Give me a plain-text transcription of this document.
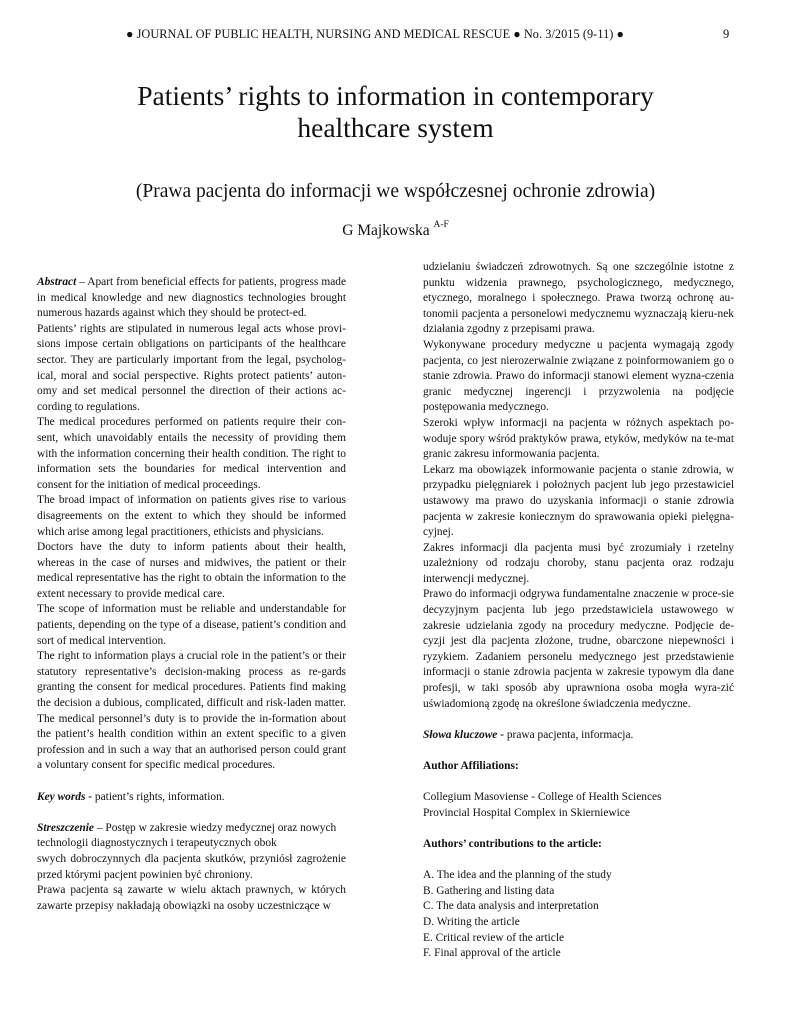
● JOURNAL OF PUBLIC HEALTH, NURSING AND MEDICAL RESCUE ● No. 3/2015 (9-11) ●	9
Patients’ rights to information in contemporary
healthcare system
(Prawa pacjenta do informacji we współczesnej ochronie zdrowia)
G Majkowska $^{A-F}$

Abstract – Apart from beneficial effects for patients, progress made in medical knowledge and new diagnostics technologies brought numerous hazards against which they should be protect-ed.

Patients’ rights are stipulated in numerous legal acts whose provi-sions impose certain obligations on participants of the healthcare sector. They are particularly important from the legal, psycholog-ical, moral and social perspective. Rights protect patients’ auton-omy and set medical personnel the direction of their actions ac-cording to regulations.

The medical procedures performed on patients require their con-sent, which unavoidably entails the necessity of providing them with the information concerning their health condition. The right to information sets the boundaries for medical intervention and consent for the initiation of medical proceedings.

The broad impact of information on patients gives rise to various disagreements on the extent to which they should be informed which arise among legal practitioners, ethicists and physicians.

Doctors have the duty to inform patients about their health, whereas in the case of nurses and midwives, the patient or their medical representative has the right to obtain the information to the extent necessary to provide medical care.

The scope of information must be reliable and understandable for patients, depending on the type of a disease, patient’s condition and sort of medical intervention.

The right to information plays a crucial role in the patient’s or their statutory representative’s decision-making process as re-gards granting the consent for medical procedures. Patients find making the decision a dubious, complicated, difficult and risk-laden matter. The medical personnel’s duty is to provide the in-formation about the patient’s health condition within an extent specific to a given profession and in such a way that an authorised person could grant a voluntary consent for specific medical procedures.

Key words - patient’s rights, information.

Streszczenie – Postęp w zakresie wiedzy medycznej oraz nowych technologii diagnostycznych i terapeutycznych obok

swych dobroczynnych dla pacjenta skutków, przyniósł zagrożenie przed którymi pacjent powinien być chroniony.

Prawa pacjenta są zawarte w wielu aktach prawnych, w których zawarte przepisy nakładają obowiązki na osoby uczestniczące w

udzielaniu świadczeń zdrowotnych. Są one szczególnie istotne z punktu widzenia prawnego, psychologicznego, medycznego, etycznego, moralnego i społecznego. Prawa tworzą ochronę au-tonomii pacjenta a personelowi medycznemu wyznaczają kieru-nek działania zgodny z przepisami prawa.

Wykonywane procedury medyczne u pacjenta wymagają zgody pacjenta, co jest nierozerwalnie związane z poinformowaniem go o stanie zdrowia. Prawo do informacji stanowi element wyzna-czenia granic medycznej ingerencji i przyzwolenia na podjęcie postępowania medycznego.

Szeroki wpływ informacji na pacjenta w różnych aspektach po-woduje spory wśród praktyków prawa, etyków, medyków na te-mat granic zakresu informowania pacjenta.

Lekarz ma obowiązek informowanie pacjenta o stanie zdrowia, w przypadku pielęgniarek i położnych pacjent lub jego przestawiciel ustawowy ma prawo do uzyskania informacji o stanie zdrowia pacjenta w zakresie koniecznym do sprawowania opieki pielęgna-cyjnej.

Zakres informacji dla pacjenta musi być zrozumiały i rzetelny uzależniony od rodzaju choroby, stanu pacjenta oraz rodzaju interwencji medycznej.

Prawo do informacji odgrywa fundamentalne znaczenie w proce-sie decyzyjnym pacjenta lub jego przedstawiciela ustawowego w zakresie udzielania zgody na procedury medyczne. Podjęcie de-cyzji jest dla pacjenta złożone, trudne, obarczone niepewności i ryzykiem. Zadaniem personelu medycznego jest przedstawienie informacji o stanie zdrowia pacjenta w zakresie typowym dla dane profesji, w taki sposób aby uprawniona osoba mogła wyra-zić uświadomioną zgodę na określone świadczenia medyczne.

Słowa kluczowe - prawa pacjenta, informacja.

Author Affiliations:

Collegium Masoviense - College of Health Sciences

Provincial Hospital Complex in Skierniewice

Authors’ contributions to the article:

A. The idea and the planning of the study

B. Gathering and listing data

C. The data analysis and interpretation

D. Writing the article

E. Critical review of the article

F. Final approval of the article
